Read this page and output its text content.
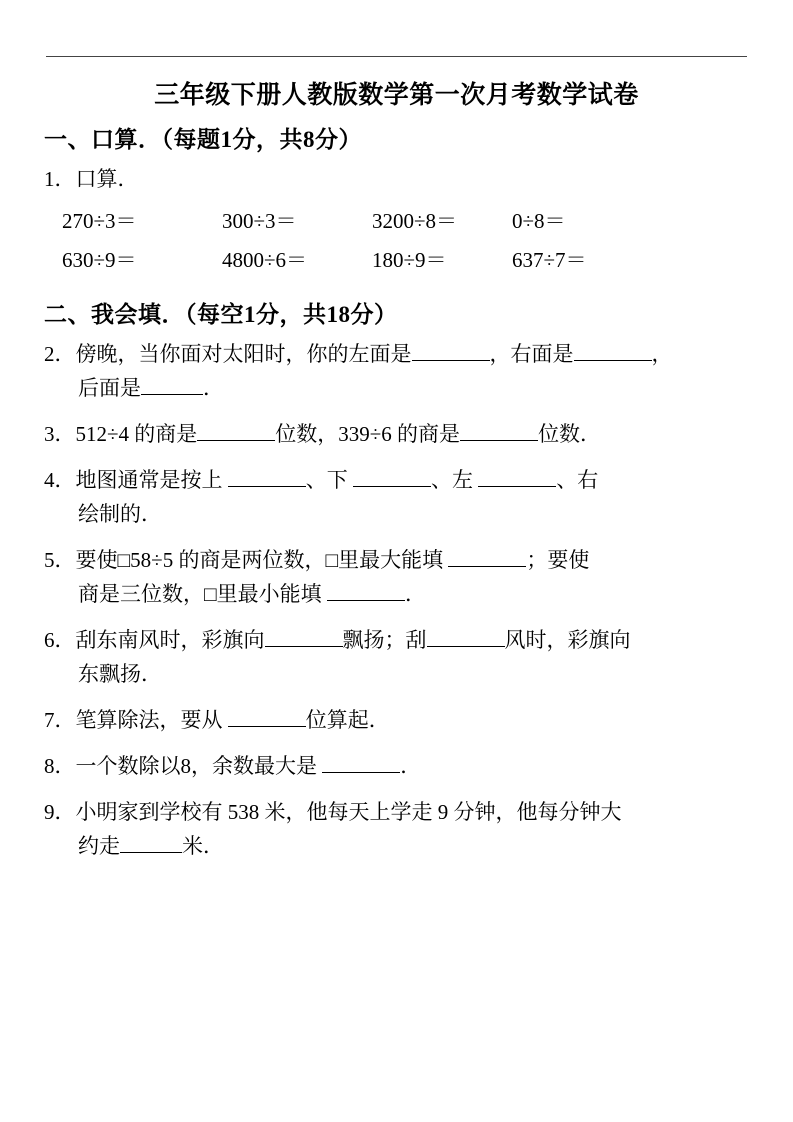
三年级下册人教版数学第一次月考数学试卷
一、口算．（每题1分，共8分）
1．口算．
270÷3＝	300÷3＝	3200÷8＝	0÷8＝
630÷9＝	4800÷6＝	180÷9＝	637÷7＝
二、我会填．（每空1分，共18分）
2．傍晚，当你面对太阳时，你的左面是	，右面是	，
后面是	．
3．512÷4 的商是	位数，339÷6 的商是	位数．
4．地图通常是按上	、下	、左	、右
绘制的．
5．要使□58÷5 的商是两位数，□里最大能填	；要使
商是三位数，□里最小能填	．
6．刮东南风时，彩旗向	飘扬；刮	风时，彩旗向
东飘扬．
7．笔算除法，要从	位算起．
8．一个数除以8，余数最大是	．
9．小明家到学校有 538 米，他每天上学走 9 分钟，他每分钟大
约走	米．
